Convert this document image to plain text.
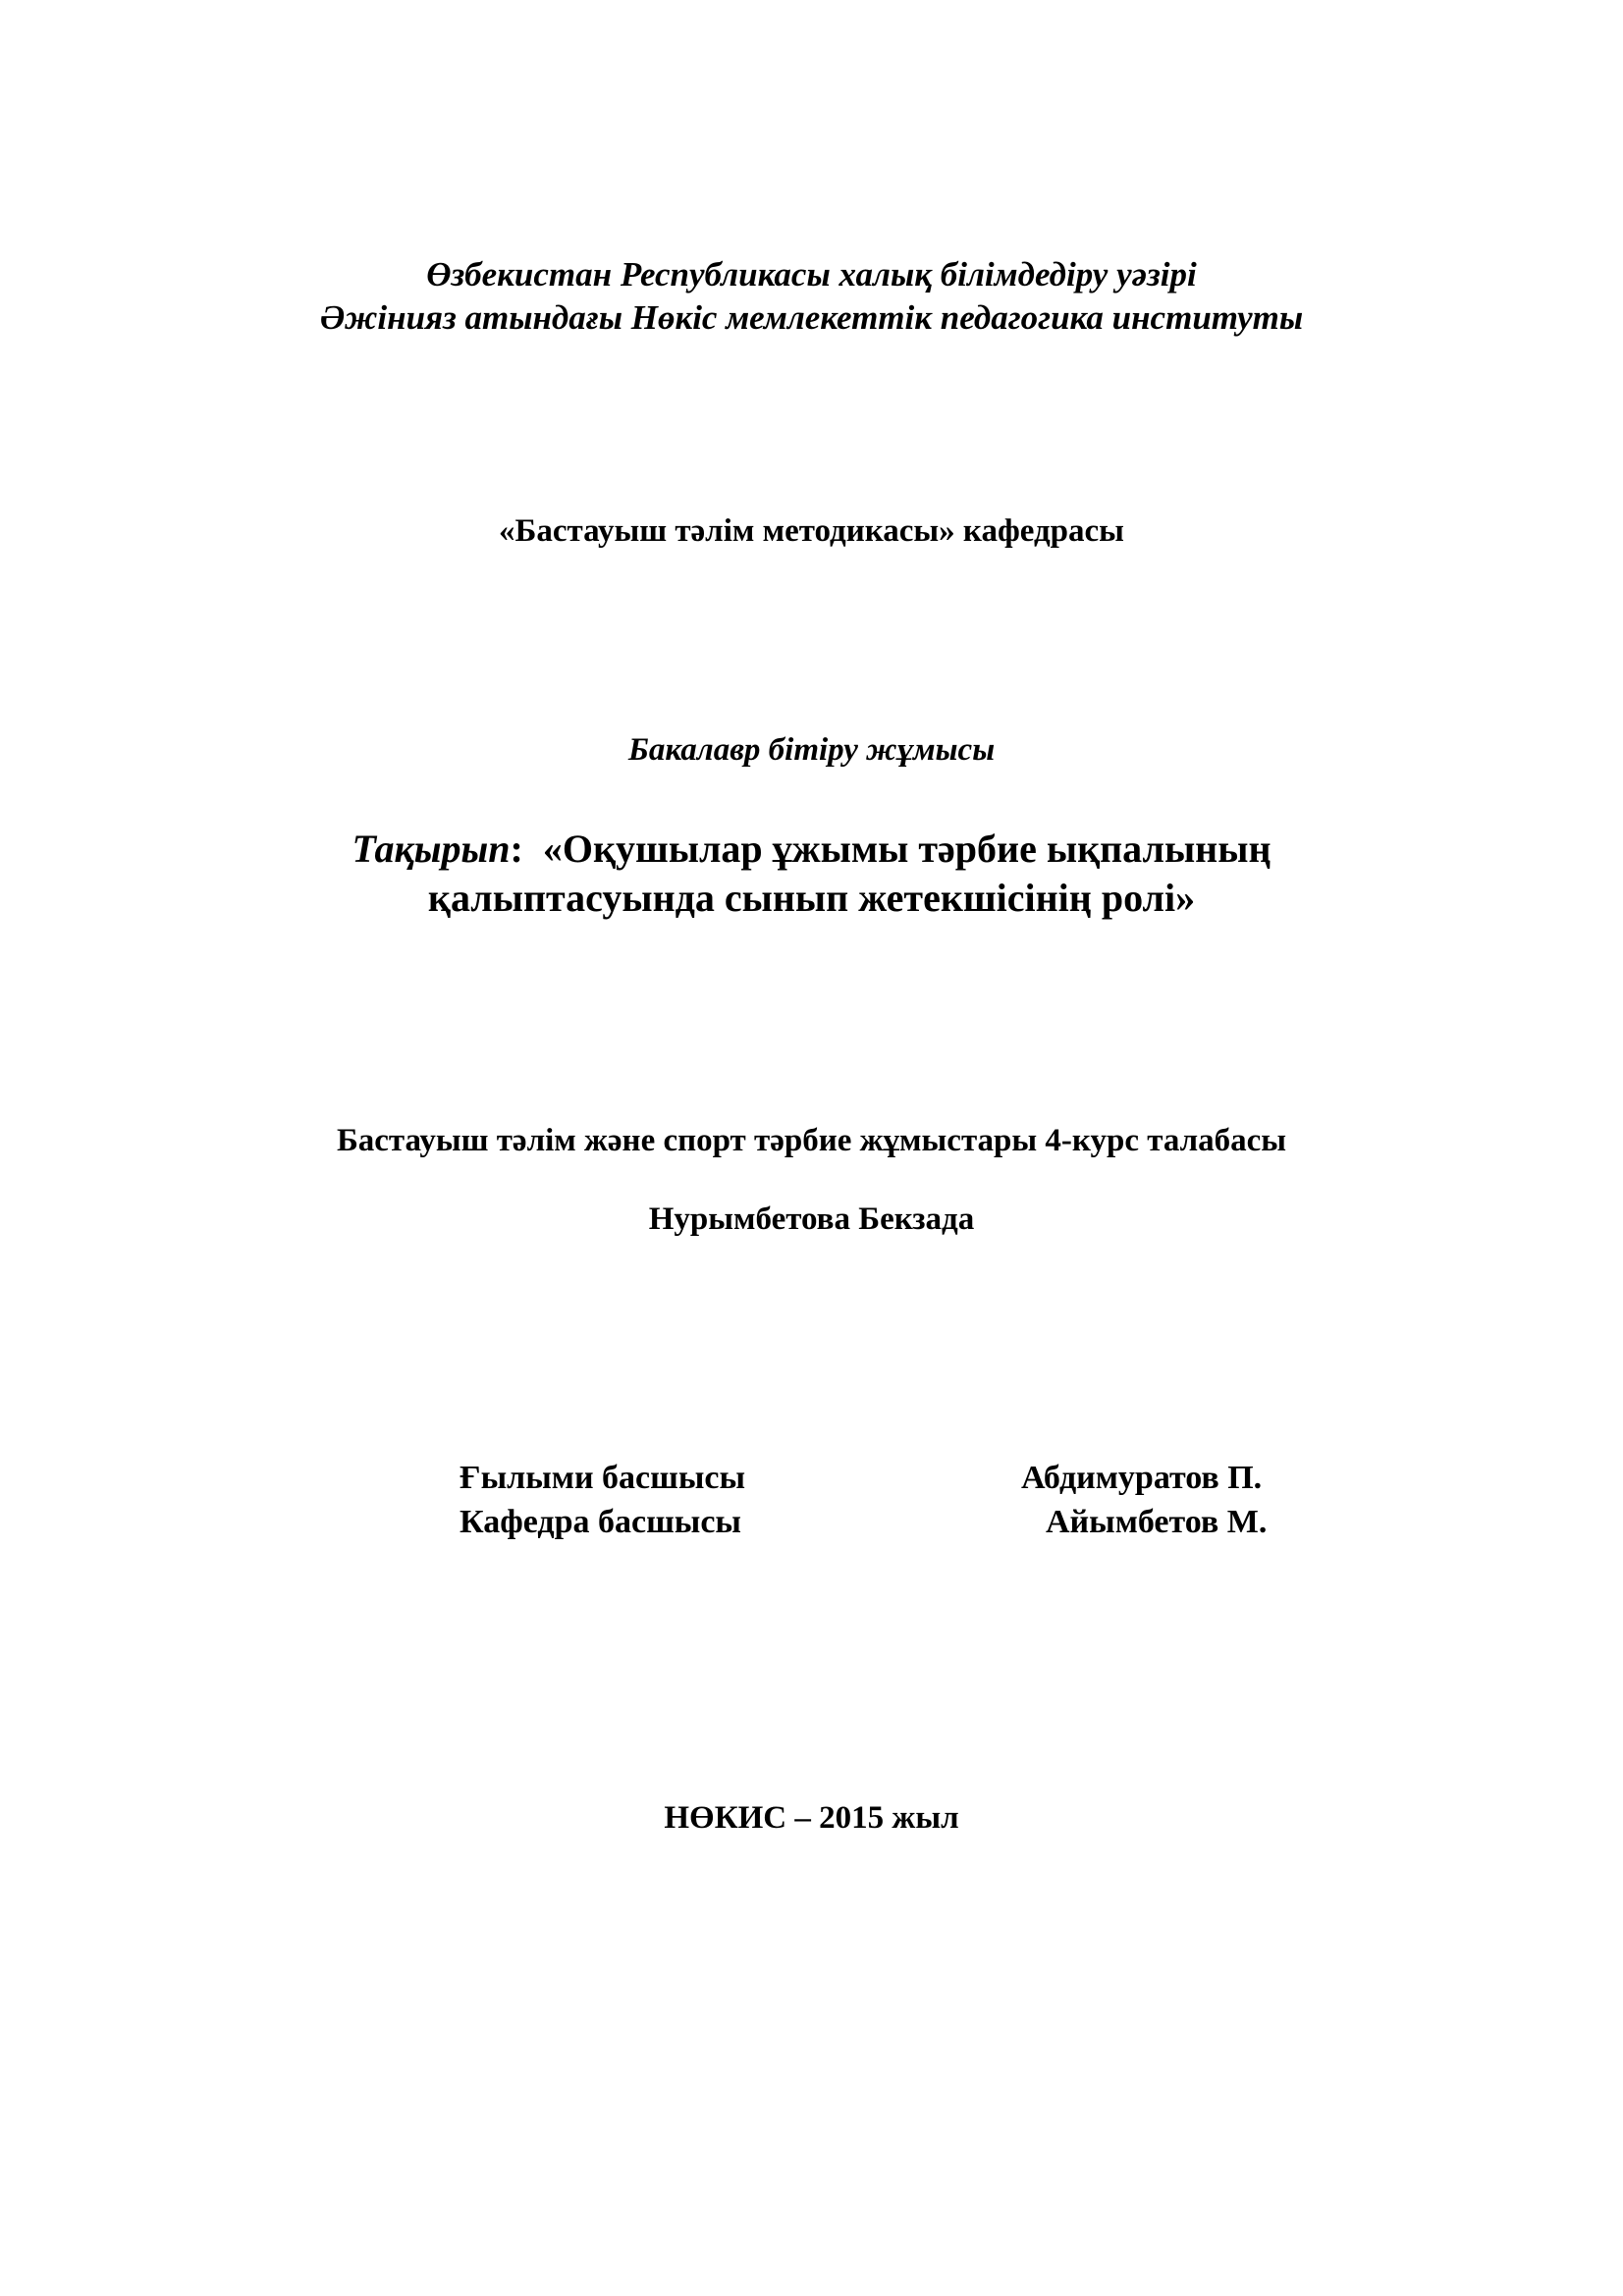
Өзбекистан Республикасы халық білімдедіру уәзірі
Әжінияз атындағы Нөкіс мемлекеттік педагогика институты
«Бастауыш тәлім методикасы» кафедрасы
Бакалавр бітіру жұмысы
Тақырып: «Оқушылар ұжымы тәрбие ықпалының
қалыптасуында сынып жетекшісінің ролі»
Бастауыш тәлім жәнe спорт тәрбие жұмыстары 4-курс талабасы
Нурымбетова Бекзада
Ғылыми басшысы	Абдимуратов П.
Кафедра басшысы	Айымбетов М.
НӨКИС – 2015 жыл
